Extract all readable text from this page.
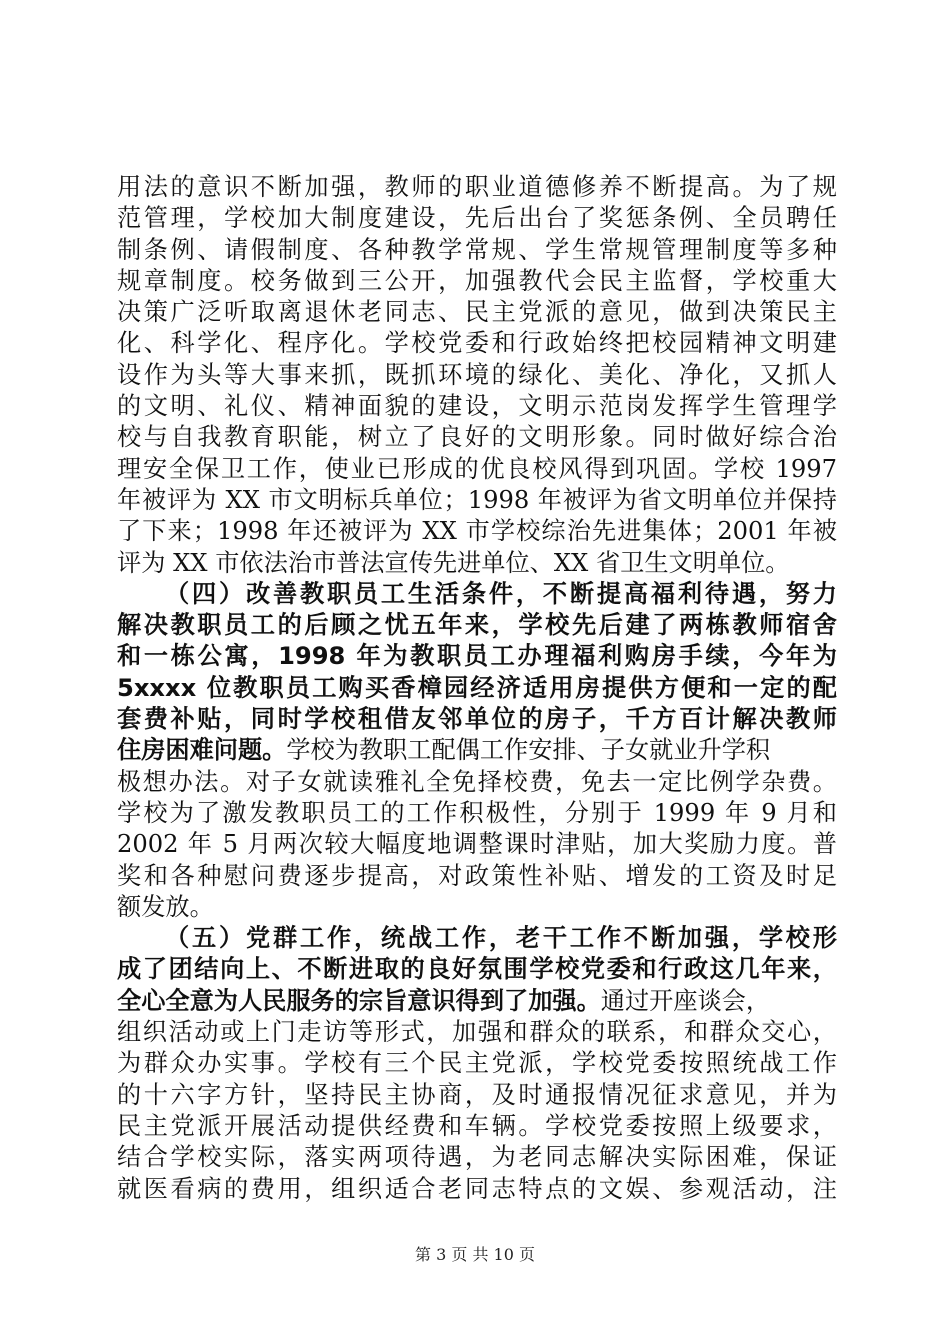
用法的意识不断加强，教师的职业道德修养不断提高。为了规
范管理，学校加大制度建设，先后出台了奖惩条例、全员聘任
制条例、请假制度、各种教学常规、学生常规管理制度等多种
规章制度。校务做到三公开，加强教代会民主监督，学校重大
决策广泛听取离退休老同志、民主党派的意见，做到决策民主
化、科学化、程序化。学校党委和行政始终把校园精神文明建
设作为头等大事来抓，既抓环境的绿化、美化、净化，又抓人
的文明、礼仪、精神面貌的建设，文明示范岗发挥学生管理学
校与自我教育职能，树立了良好的文明形象。同时做好综合治
理安全保卫工作，使业已形成的优良校风得到巩固。学校 1997
年被评为 XX 市文明标兵单位；1998 年被评为省文明单位并保持
了下来；1998 年还被评为 XX 市学校综治先进集体；2001 年被
评为 XX 市依法治市普法宣传先进单位、XX 省卫生文明单位。
（四）改善教职员工生活条件，不断提高福利待遇，努力
解决教职员工的后顾之忧五年来，学校先后建了两栋教师宿舍
和一栋公寓，1998 年为教职员工办理福利购房手续，今年为
5xxxx 位教职员工购买香樟园经济适用房提供方便和一定的配
套费补贴，同时学校租借友邻单位的房子，千方百计解决教师
住房困难问题。学校为教职工配偶工作安排、子女就业升学积
极想办法。对子女就读雅礼全免择校费，免去一定比例学杂费。
学校为了激发教职员工的工作积极性，分别于 1999 年 9 月和
2002 年 5 月两次较大幅度地调整课时津贴，加大奖励力度。普
奖和各种慰问费逐步提高，对政策性补贴、增发的工资及时足
额发放。
（五）党群工作，统战工作，老干工作不断加强，学校形
成了团结向上、不断进取的良好氛围学校党委和行政这几年来，
全心全意为人民服务的宗旨意识得到了加强。通过开座谈会，
组织活动或上门走访等形式，加强和群众的联系，和群众交心，
为群众办实事。学校有三个民主党派，学校党委按照统战工作
的十六字方针，坚持民主协商，及时通报情况征求意见，并为
民主党派开展活动提供经费和车辆。学校党委按照上级要求，
结合学校实际，落实两项待遇，为老同志解决实际困难，保证
就医看病的费用，组织适合老同志特点的文娱、参观活动，注
第 3 页 共 10 页
